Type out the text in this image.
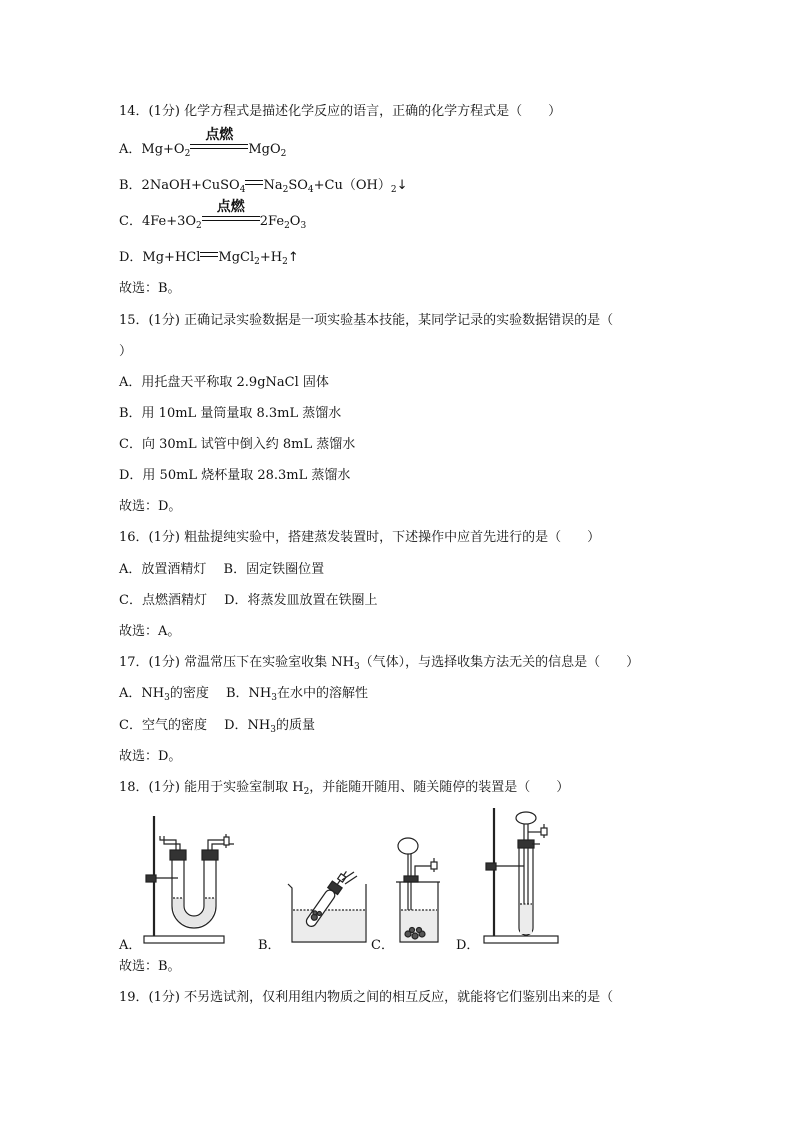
14．(1分) 化学方程式是描述化学反应的语言，正确的化学方程式是（　　）
A．$Mg+O_2$
点燃
MgO$_2$
B．2NaOH+CuSO$_4$ $Na_2SO_4+Cu(OH)_2↓$
C．$4Fe+3O_2$
点燃
$2Fe_2O_3$
D．Mg+HCl $MgCl_2+H_2↑$
故选：B。
15．(1分) 正确记录实验数据是一项实验基本技能，某同学记录的实验数据错误的是（
）
A．用托盘天平称取 2.9gNaCl 固体
B．用 10mL 量筒量取 8.3mL 蒸馏水
C．向 30mL 试管中倒入约 8mL 蒸馏水
D．用 50mL 烧杯量取 28.3mL 蒸馏水
故选：D。
16．(1分) 粗盐提纯实验中，搭建蒸发装置时，下述操作中应首先进行的是（　　）
A．放置酒精灯　 B．固定铁圈位置
C．点燃酒精灯　 D．将蒸发皿放置在铁圈上
故选：A。
17．(1分) 常温常压下在实验室收集 $NH_3$（气体），与选择收集方法无关的信息是（　　）
A．$NH_3$的密度　 B．$NH_3$在水中的溶解性
C．空气的密度　 D．$NH_3$的质量
故选：D。
18．(1分) 能用于实验室制取 $H_2$，并能随开随用、随关随停的装置是（　　）
A．	B．	C．	D．
故选：B。
19．(1分) 不另选试剂，仅利用组内物质之间的相互反应，就能将它们鉴别出来的是（
